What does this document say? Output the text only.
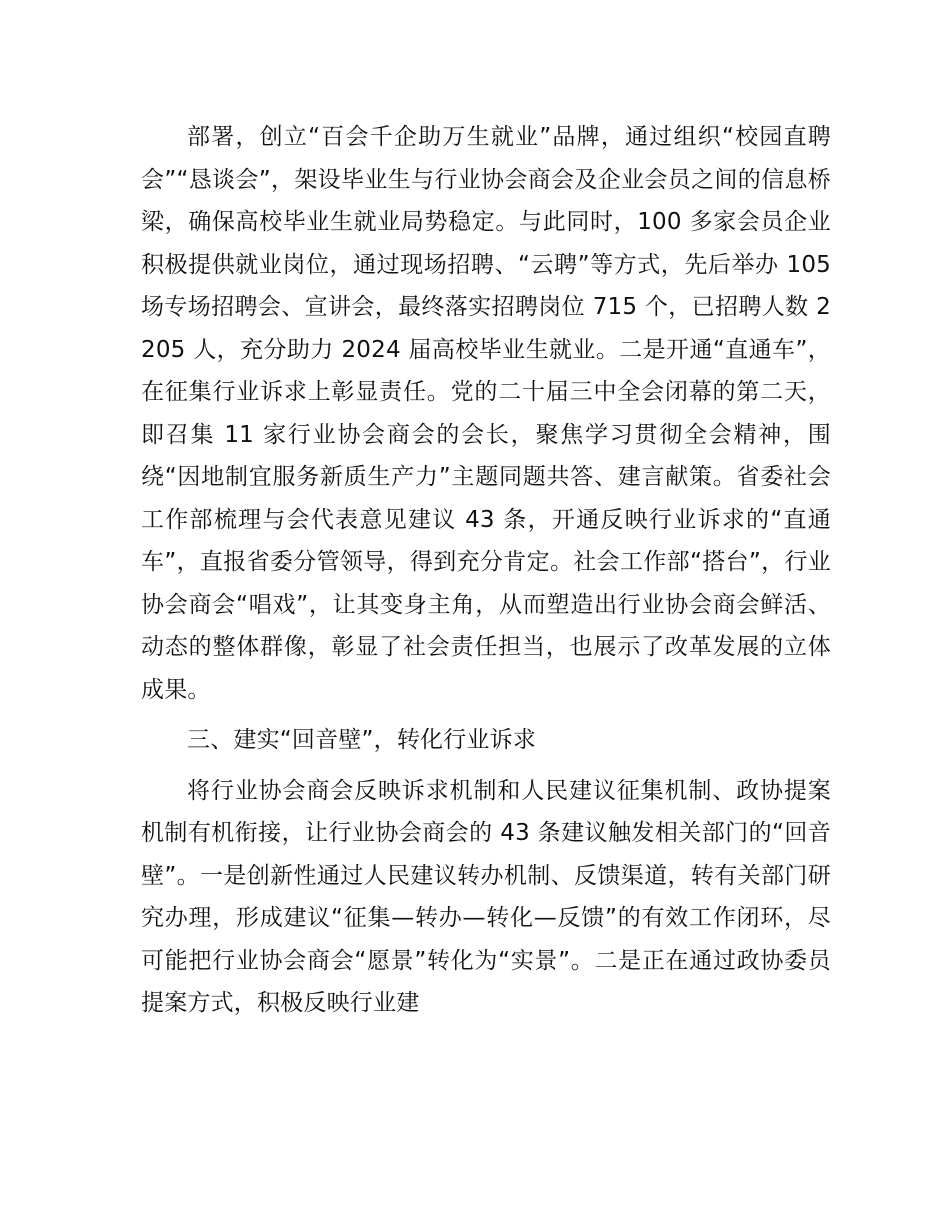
部署，创立“百会千企助万生就业”品牌，通过组织“校园直聘会”“恳谈会”，架设毕业生与行业协会商会及企业会员之间的信息桥梁，确保高校毕业生就业局势稳定。与此同时，100 多家会员企业积极提供就业岗位，通过现场招聘、“云聘”等方式，先后举办 105 场专场招聘会、宣讲会，最终落实招聘岗位 715 个，已招聘人数 2205 人，充分助力 2024 届高校毕业生就业。二是开通“直通车”，在征集行业诉求上彰显责任。党的二十届三中全会闭幕的第二天，即召集 11 家行业协会商会的会长，聚焦学习贯彻全会精神，围绕“因地制宜服务新质生产力”主题同题共答、建言献策。省委社会工作部梳理与会代表意见建议 43 条，开通反映行业诉求的“直通车”，直报省委分管领导，得到充分肯定。社会工作部“搭台”，行业协会商会“唱戏”，让其变身主角，从而塑造出行业协会商会鲜活、动态的整体群像，彰显了社会责任担当，也展示了改革发展的立体成果。

三、建实“回音壁”，转化行业诉求

将行业协会商会反映诉求机制和人民建议征集机制、政协提案机制有机衔接，让行业协会商会的 43 条建议触发相关部门的“回音壁”。一是创新性通过人民建议转办机制、反馈渠道，转有关部门研究办理，形成建议“征集—转办—转化—反馈”的有效工作闭环，尽可能把行业协会商会“愿景”转化为“实景”。二是正在通过政协委员提案方式，积极反映行业建
